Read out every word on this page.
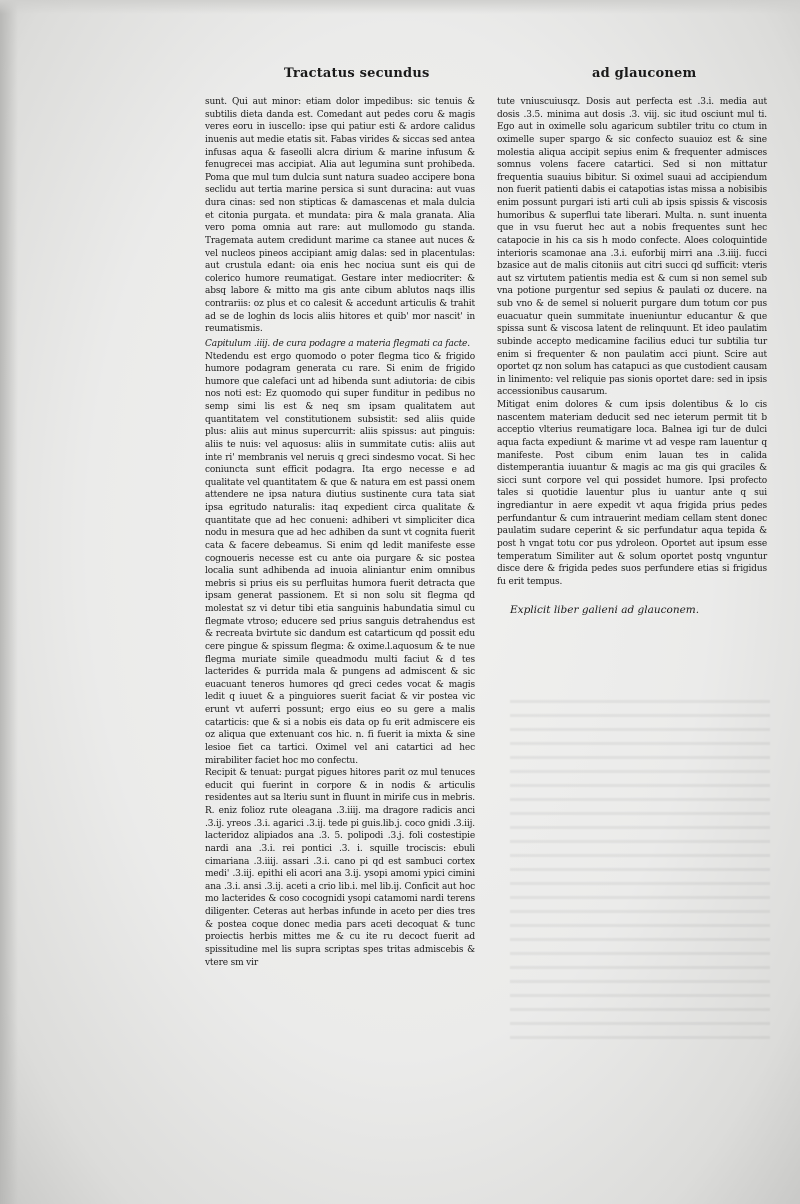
Tractatus secundus	ad glauconem

sunt. Qui aut minor: etiam dolor impedibus: sic tenuis & subtilis dieta danda est. Comedant aut pedes coru & magis veres eoru in iuscello: ipse qui patiur esti & ardore calidus inuenis aut medie etatis sit. Fabas virides & siccas sed antea infusas aqua & faseolli alcra dirium & marine infusum & fenugrecei mas accipiat. Alia aut legumina sunt prohibeda. Poma que mul tum dulcia sunt natura suadeo accipere bona seclidu aut tertia marine persica si sunt duracina: aut vuas dura cinas: sed non stipticas & damascenas et mala dulcia et citonia purgata. et mundata: pira & mala granata. Alia vero poma omnia aut rare: aut mullomodo gu standa. Tragemata autem credidunt marime ca stanee aut nuces & vel nucleos pineos accipiant amig dalas: sed in placentulas: aut crustula edant: oia enis hec nociua sunt eis qui de colerico humore reumatigat. Gestare inter mediocriter: & absq labore & mitto ma gis ante cibum ablutos naqs illis contrariis: oz plus et co calesit & accedunt articulis & trahit ad se de loghin ds locis aliis hitores et quib' mor nascit' in reumatismis.

Capitulum .iiij. de cura podagre a materia flegmati ca facte.

Ntedendu est ergo quomodo o poter flegma tico & frigido humore podagram generata cu rare. Si enim de frigido humore que calefaci unt ad hibenda sunt adiutoria: de cibis nos noti est: Ez quomodo qui super funditur in pedibus no semp simi lis est & neq sm ipsam qualitatem aut quantitatem vel constitutionem subsistit: sed aliis quide plus: aliis aut minus supercurrit: aliis spissus: aut pinguis: aliis te nuis: vel aquosus: aliis in summitate cutis: aliis aut inte ri' membranis vel neruis q greci sindesmo vocat. Si hec coniuncta sunt efficit podagra. Ita ergo necesse e ad qualitate vel quantitatem & que & natura em est passi onem attendere ne ipsa natura diutius sustinente cura tata siat ipsa egritudo naturalis: itaq expedient circa qualitate & quantitate que ad hec conueni: adhiberi vt simpliciter dica nodu in mesura que ad hec adhiben da sunt vt cognita fuerit cata & facere debeamus. Si enim qd ledit manifeste esse cognoueris necesse est cu ante oia purgare & sic postea localia sunt adhibenda ad inuoia aliniantur enim omnibus mebris si prius eis su perfluitas humora fuerit detracta que ipsam generat passionem. Et si non solu sit flegma qd molestat sz vi detur tibi etia sanguinis habundatia simul cu flegmate vtroso; educere sed prius sanguis detrahendus est & recreata bvirtute sic dandum est catarticum qd possit edu cere pingue & spissum flegma: & oxime.l.aquosum & te nue flegma muriate simile queadmodu multi faciut & d tes lacterides & purrida mala & pungens ad admiscent & sic euacuant teneros humores qd greci cedes vocat & magis ledit q iuuet & a pinguiores suerit faciat & vir postea vic erunt vt auferri possunt; ergo eius eo su gere a malis catarticis: que & si a nobis eis data op fu erit admiscere eis oz aliqua que extenuant cos hic. n. fi fuerit ia mixta & sine lesioe fiet ca tartici. Oximel vel ani catartici ad hec mirabiliter faciet hoc mo confectu.

Recipit & tenuat: purgat pigues hitores parit oz mul tenuces educit qui fuerint in corpore & in nodis & articulis residentes aut sa lteriu sunt in fluunt in mirife cus in mebris. R. eniz folioz rute oleagana .3.iiij. ma dragore radicis anci .3.ij. yreos .3.i. agarici .3.ij. tede pi guis.lib.j. coco gnidi .3.iij. lacteridoz alipiados ana .3. 5. polipodi .3.j. foli costestipie nardi ana .3.i. rei pontici .3. i. squille trociscis: ebuli cimariana .3.iiij. assari .3.i. cano pi qd est sambuci cortex medi' .3.iij. epithi eli acori ana 3.ij. ysopi amomi ypici cimini ana .3.i. ansi .3.ij. aceti a crio lib.i. mel lib.ij. Conficit aut hoc mo lacterides & coso cocognidi ysopi catamomi nardi terens diligenter. Ceteras aut herbas infunde in aceto per dies tres & postea coque donec media pars aceti decoquat & tunc proiectis herbis mittes me & cu ite ru decoct fuerit ad spissitudine mel lis supra scriptas spes tritas admiscebis & vtere sm vir

tute vniuscuiusqz. Dosis aut perfecta est .3.i. media aut dosis .3.5. minima aut dosis .3. viij. sic itud osciunt mul ti. Ego aut in oximelle solu agaricum subtiler tritu co ctum in oximelle super spargo & sic confecto suauioz est & sine molestia aliqua accipit sepius enim & frequenter admisces somnus volens facere catartici. Sed si non mittatur frequentia suauius bibitur. Si oximel suaui ad accipiendum non fuerit patienti dabis ei catapotias istas missa a nobisibis enim possunt purgari isti arti culi ab ipsis spissis & viscosis humoribus & superflui tate liberari. Multa. n. sunt inuenta que in vsu fuerut hec aut a nobis frequentes sunt hec catapocie in his ca sis h modo confecte. Aloes coloquintide interioris scamonae ana .3.i. euforbij mirri ana .3.iiij. fucci bzasice aut de malis citoniis aut citri succi qd sufficit: vteris aut sz virtutem patientis media est & cum si non semel sub vna potione purgentur sed sepius & paulati oz ducere. na sub vno & de semel si noluerit purgare dum totum cor pus euacuatur quein summitate inueniuntur educantur & que spissa sunt & viscosa latent de relinquunt. Et ideo paulatim subinde accepto medicamine facilius educi tur subtilia tur enim si frequenter & non paulatim acci piunt. Scire aut oportet qz non solum has catapuci as que custodient causam in linimento: vel reliquie pas sionis oportet dare: sed in ipsis accessionibus causarum.

Mitigat enim dolores & cum ipsis dolentibus & lo cis nascentem materiam deducit sed nec ieterum permit tit b acceptio vlterius reumatigare loca. Balnea igi tur de dulci aqua facta expediunt & marime vt ad vespe ram lauentur q manifeste. Post cibum enim lauan tes in calida distemperantia iuuantur & magis ac ma gis qui graciles & sicci sunt corpore vel qui possidet humore. Ipsi profecto tales si quotidie lauentur plus iu uantur ante q sui ingrediantur in aere expedit vt aqua frigida prius pedes perfundantur & cum intrauerint mediam cellam stent donec paulatim sudare ceperint & sic perfundatur aqua tepida & post h vngat totu cor pus ydroleon. Oportet aut ipsum esse temperatum Similiter aut & solum oportet postq vnguntur disce dere & frigida pedes suos perfundere etias si frigidus fu erit tempus.

Explicit liber galieni ad glauconem.
